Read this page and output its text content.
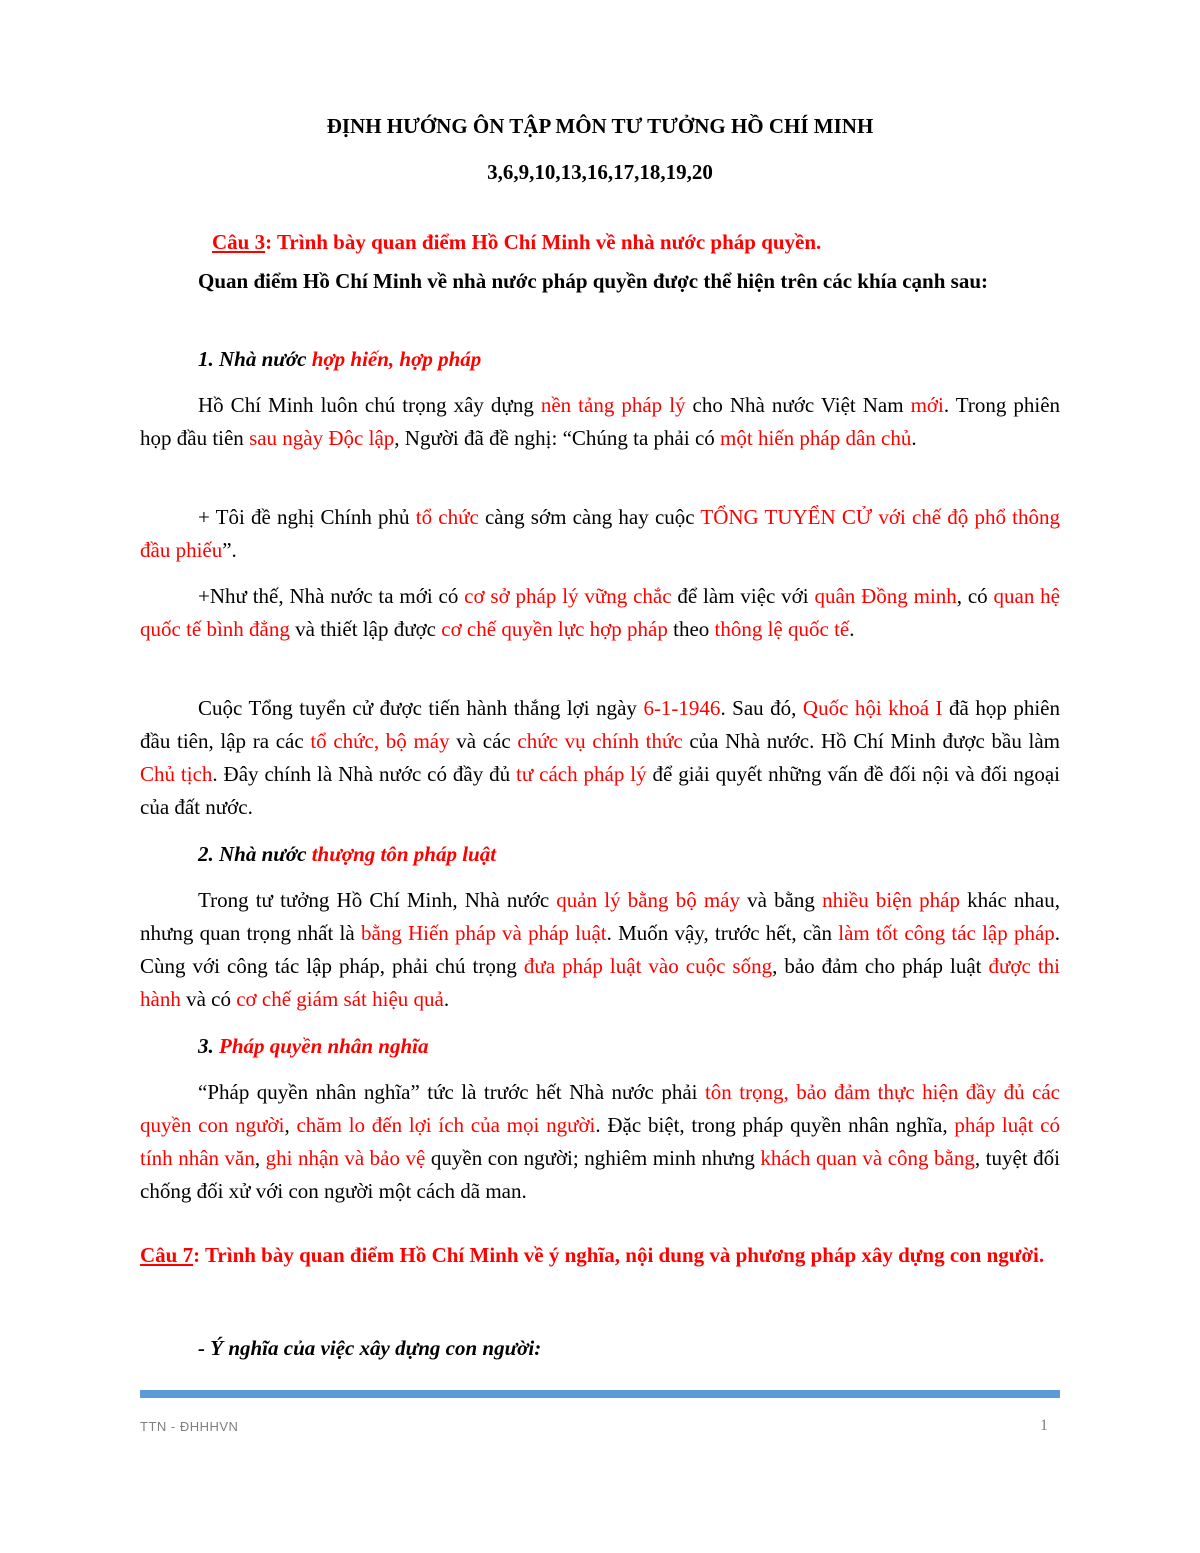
ĐỊNH HƯỚNG ÔN TẬP MÔN TƯ TƯỞNG HỒ CHÍ MINH
3,6,9,10,13,16,17,18,19,20
Câu 3: Trình bày quan điểm Hồ Chí Minh về nhà nước pháp quyền.
Quan điểm Hồ Chí Minh về nhà nước pháp quyền được thể hiện trên các khía cạnh sau:
1. Nhà nước hợp hiến, hợp pháp
Hồ Chí Minh luôn chú trọng xây dựng nền tảng pháp lý cho Nhà nước Việt Nam mới. Trong phiên họp đầu tiên sau ngày Độc lập, Người đã đề nghị: “Chúng ta phải có một hiến pháp dân chủ.
+ Tôi đề nghị Chính phủ tổ chức càng sớm càng hay cuộc TỔNG TUYỂN CỬ với chế độ phổ thông đầu phiếu”.
+Như thế, Nhà nước ta mới có cơ sở pháp lý vững chắc để làm việc với quân Đồng minh, có quan hệ quốc tế bình đẳng và thiết lập được cơ chế quyền lực hợp pháp theo thông lệ quốc tế.
Cuộc Tổng tuyển cử được tiến hành thắng lợi ngày 6-1-1946. Sau đó, Quốc hội khoá I đã họp phiên đầu tiên, lập ra các tổ chức, bộ máy và các chức vụ chính thức của Nhà nước. Hồ Chí Minh được bầu làm Chủ tịch. Đây chính là Nhà nước có đầy đủ tư cách pháp lý để giải quyết những vấn đề đối nội và đối ngoại của đất nước.
2. Nhà nước thượng tôn pháp luật
Trong tư tưởng Hồ Chí Minh, Nhà nước quản lý bằng bộ máy và bằng nhiều biện pháp khác nhau, nhưng quan trọng nhất là bằng Hiến pháp và pháp luật. Muốn vậy, trước hết, cần làm tốt công tác lập pháp. Cùng với công tác lập pháp, phải chú trọng đưa pháp luật vào cuộc sống, bảo đảm cho pháp luật được thi hành và có cơ chế giám sát hiệu quả.
3. Pháp quyền nhân nghĩa
“Pháp quyền nhân nghĩa” tức là trước hết Nhà nước phải tôn trọng, bảo đảm thực hiện đầy đủ các quyền con người, chăm lo đến lợi ích của mọi người. Đặc biệt, trong pháp quyền nhân nghĩa, pháp luật có tính nhân văn, ghi nhận và bảo vệ quyền con người; nghiêm minh nhưng khách quan và công bằng, tuyệt đối chống đối xử với con người một cách dã man.
Câu 7: Trình bày quan điểm Hồ Chí Minh về ý nghĩa, nội dung và phương pháp xây dựng con người.
- Ý nghĩa của việc xây dựng con người:
TTN - ĐHHHVN	1
